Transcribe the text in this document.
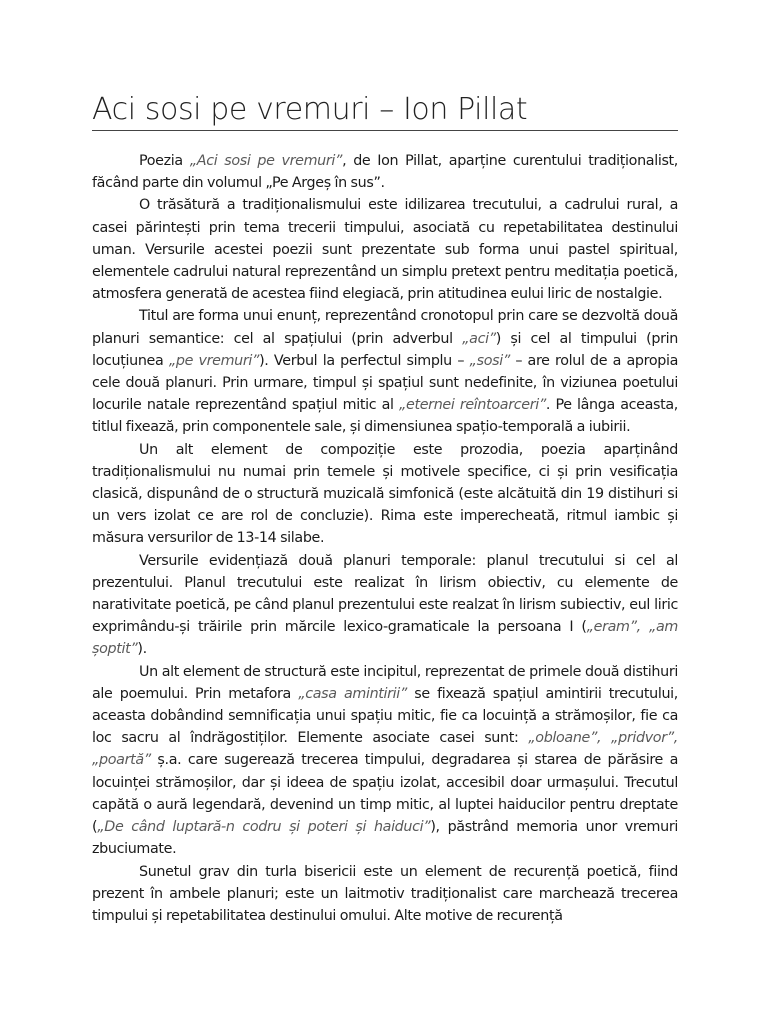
Aci sosi pe vremuri – Ion Pillat

Poezia „Aci sosi pe vremuri”, de Ion Pillat, aparține curentului tradiționalist, făcând parte din volumul „Pe Argeș în sus”.

O trăsătură a tradiționalismului este idilizarea trecutului, a cadrului rural, a casei părintești prin tema trecerii timpului, asociată cu repetabilitatea destinului uman. Versurile acestei poezii sunt prezentate sub forma unui pastel spiritual, elementele cadrului natural reprezentând un simplu pretext pentru meditația poetică, atmosfera generată de acestea fiind elegiacă, prin atitudinea eului liric de nostalgie.

Titul are forma unui enunț, reprezentând cronotopul prin care se dezvoltă două planuri semantice: cel al spațiului (prin adverbul „aci”) și cel al timpului (prin locuțiunea „pe vremuri”). Verbul la perfectul simplu – „sosi” – are rolul de a apropia cele două planuri. Prin urmare, timpul și spațiul sunt nedefinite, în viziunea poetului locurile natale reprezentând spațiul mitic al „eternei reîntoarceri”. Pe lânga aceasta, titlul fixează, prin componentele sale, și dimensiunea spațio-temporală a iubirii.

Un alt element de compoziție este prozodia, poezia aparținând tradiționalismului nu numai prin temele și motivele specifice, ci și prin vesificația clasică, dispunând de o structură muzicală simfonică (este alcătuită din 19 distihuri si un vers izolat ce are rol de concluzie). Rima este imperecheată, ritmul iambic și măsura versurilor de 13-14 silabe.

Versurile evidențiază două planuri temporale: planul trecutului si cel al prezentului. Planul trecutului este realizat în lirism obiectiv, cu elemente de narativitate poetică, pe când planul prezentului este realzat în lirism subiectiv, eul liric exprimându-și trăirile prin mărcile lexico-gramaticale la persoana I („eram”, „am șoptit”).

Un alt element de structură este incipitul, reprezentat de primele două distihuri ale poemului. Prin metafora „casa amintirii” se fixează spațiul amintirii trecutului, aceasta dobândind semnificația unui spațiu mitic, fie ca locuință a strămoșilor, fie ca loc sacru al îndrăgostiților. Elemente asociate casei sunt: „obloane”, „pridvor”, „poartă” ș.a. care sugerează trecerea timpului, degradarea și starea de părăsire a locuinței strămoșilor, dar și ideea de spațiu izolat, accesibil doar urmașului. Trecutul capătă o aură legendară, devenind un timp mitic, al luptei haiducilor pentru dreptate („De când luptară-n codru și poteri și haiduci”), păstrând memoria unor vremuri zbuciumate.

Sunetul grav din turla bisericii este un element de recurență poetică, fiind prezent în ambele planuri; este un laitmotiv tradiționalist care marchează trecerea timpului și repetabilitatea destinului omului. Alte motive de recurență
